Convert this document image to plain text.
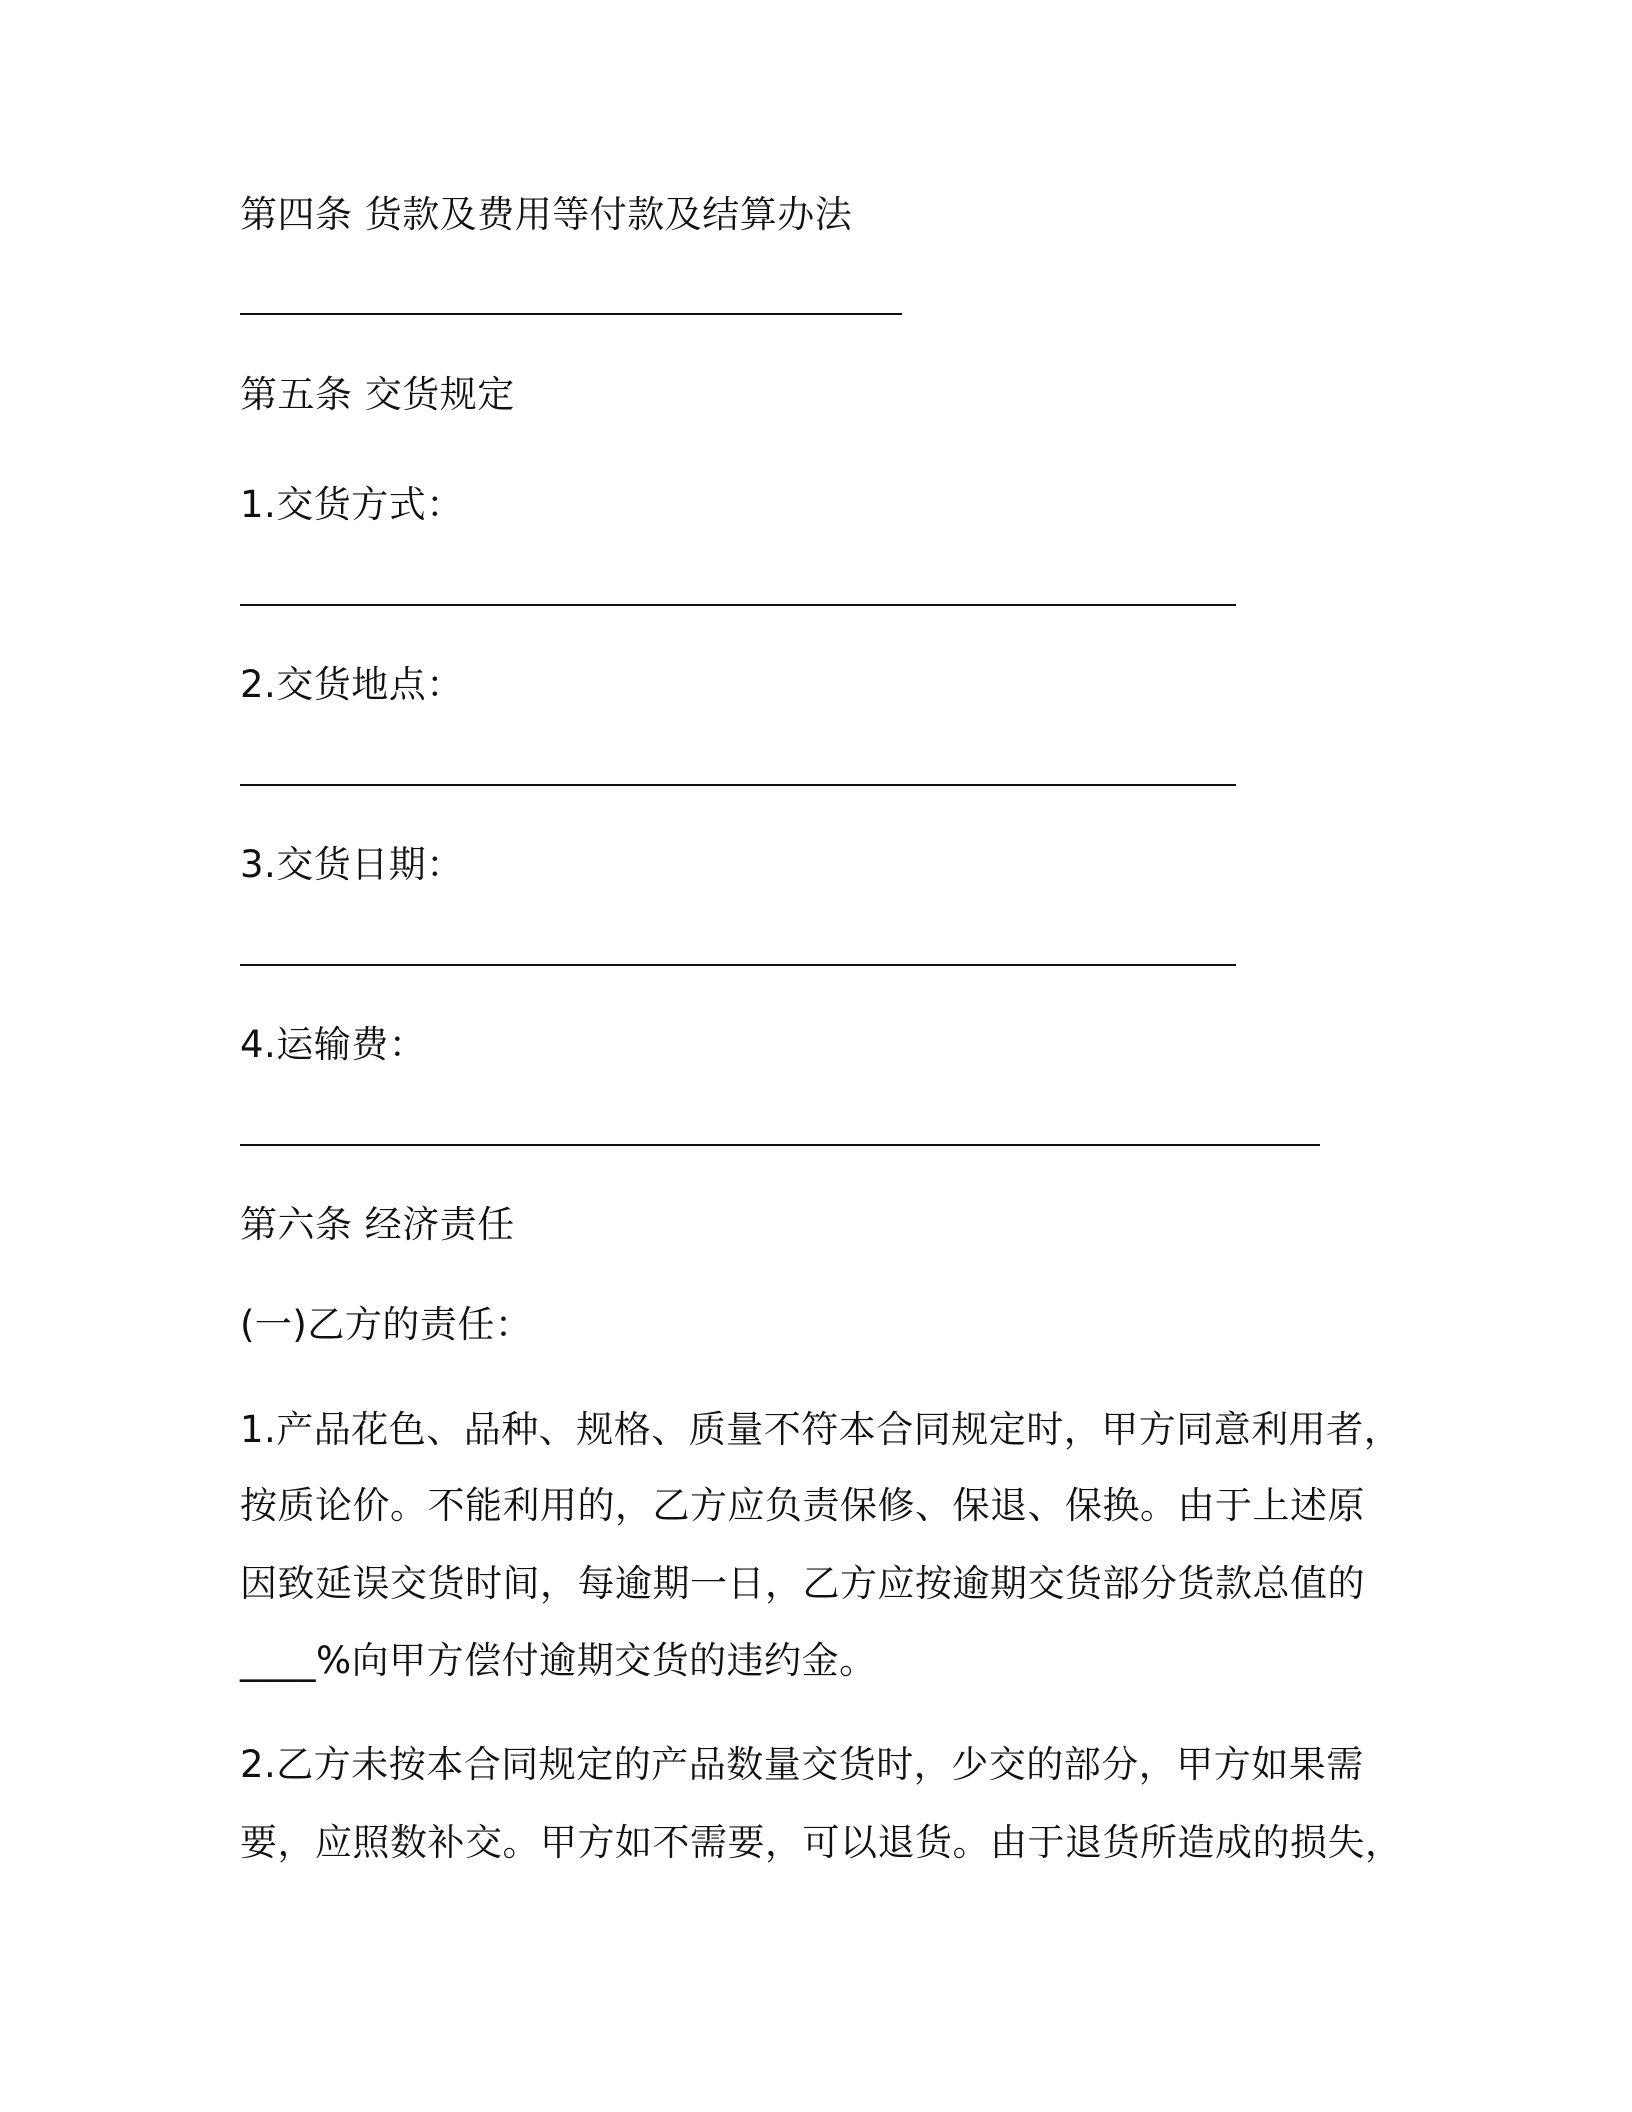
第四条 货款及费用等付款及结算办法

第五条 交货规定

1.交货方式：

2.交货地点：

3.交货日期：

4.运输费：

第六条 经济责任

(一)乙方的责任：

1.产品花色、品种、规格、质量不符本合同规定时，甲方同意利用者，

按质论价。不能利用的，乙方应负责保修、保退、保换。由于上述原

因致延误交货时间，每逾期一日，乙方应按逾期交货部分货款总值的

____%向甲方偿付逾期交货的违约金。

2.乙方未按本合同规定的产品数量交货时，少交的部分，甲方如果需

要，应照数补交。甲方如不需要，可以退货。由于退货所造成的损失，
